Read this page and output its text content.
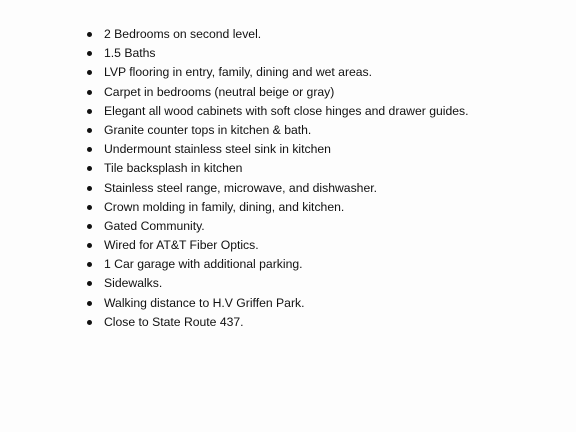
2 Bedrooms on second level.
1.5 Baths
LVP flooring in entry, family, dining and wet areas.
Carpet in bedrooms (neutral beige or gray)
Elegant all wood cabinets with soft close hinges and drawer guides.
Granite counter tops in kitchen & bath.
Undermount stainless steel sink in kitchen
Tile backsplash in kitchen
Stainless steel range, microwave, and dishwasher.
Crown molding in family, dining, and kitchen.
Gated Community.
Wired for AT&T Fiber Optics.
1 Car garage with additional parking.
Sidewalks.
Walking distance to H.V Griffen Park.
Close to State Route 437.
